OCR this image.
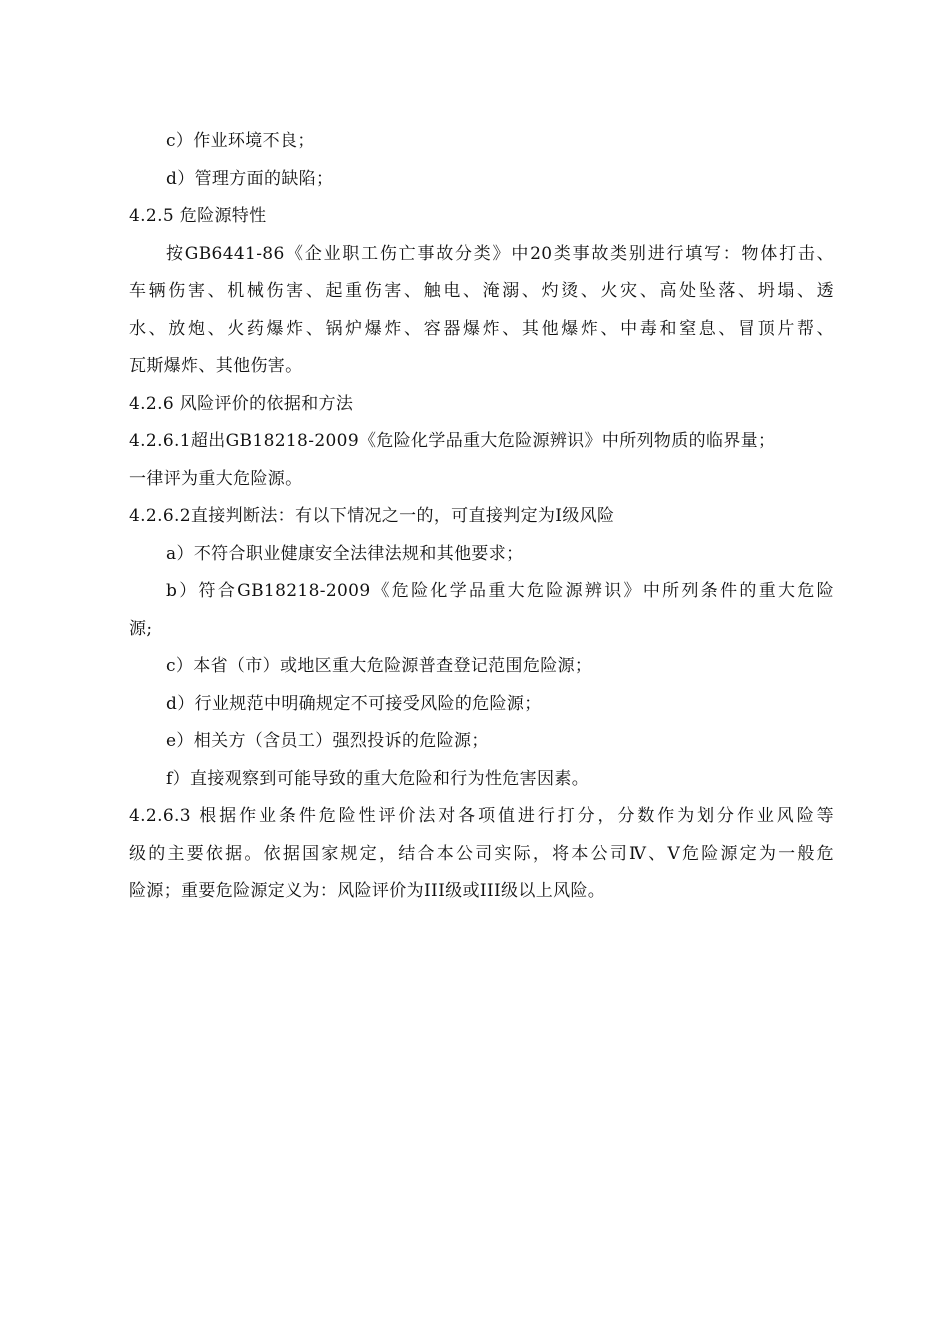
c）作业环境不良；
d）管理方面的缺陷；
4.2.5 危险源特性
按GB6441-86《企业职工伤亡事故分类》中20类事故类别进行填写：物体打击、
车辆伤害、机械伤害、起重伤害、触电、淹溺、灼烫、火灾、高处坠落、坍塌、透
水、放炮、火药爆炸、锅炉爆炸、容器爆炸、其他爆炸、中毒和窒息、冒顶片帮、
瓦斯爆炸、其他伤害。
4.2.6 风险评价的依据和方法
4.2.6.1超出GB18218-2009《危险化学品重大危险源辨识》中所列物质的临界量；
一律评为重大危险源。
4.2.6.2直接判断法：有以下情况之一的，可直接判定为Ⅰ级风险
a）不符合职业健康安全法律法规和其他要求；
b）符合GB18218-2009《危险化学品重大危险源辨识》中所列条件的重大危险
源;
c）本省（市）或地区重大危险源普查登记范围危险源；
d）行业规范中明确规定不可接受风险的危险源；
e）相关方（含员工）强烈投诉的危险源；
f）直接观察到可能导致的重大危险和行为性危害因素。
4.2.6.3 根据作业条件危险性评价法对各项值进行打分，分数作为划分作业风险等
级的主要依据。依据国家规定，结合本公司实际，将本公司Ⅳ、Ⅴ危险源定为一般危
险源；重要危险源定义为：风险评价为III级或III级以上风险。
